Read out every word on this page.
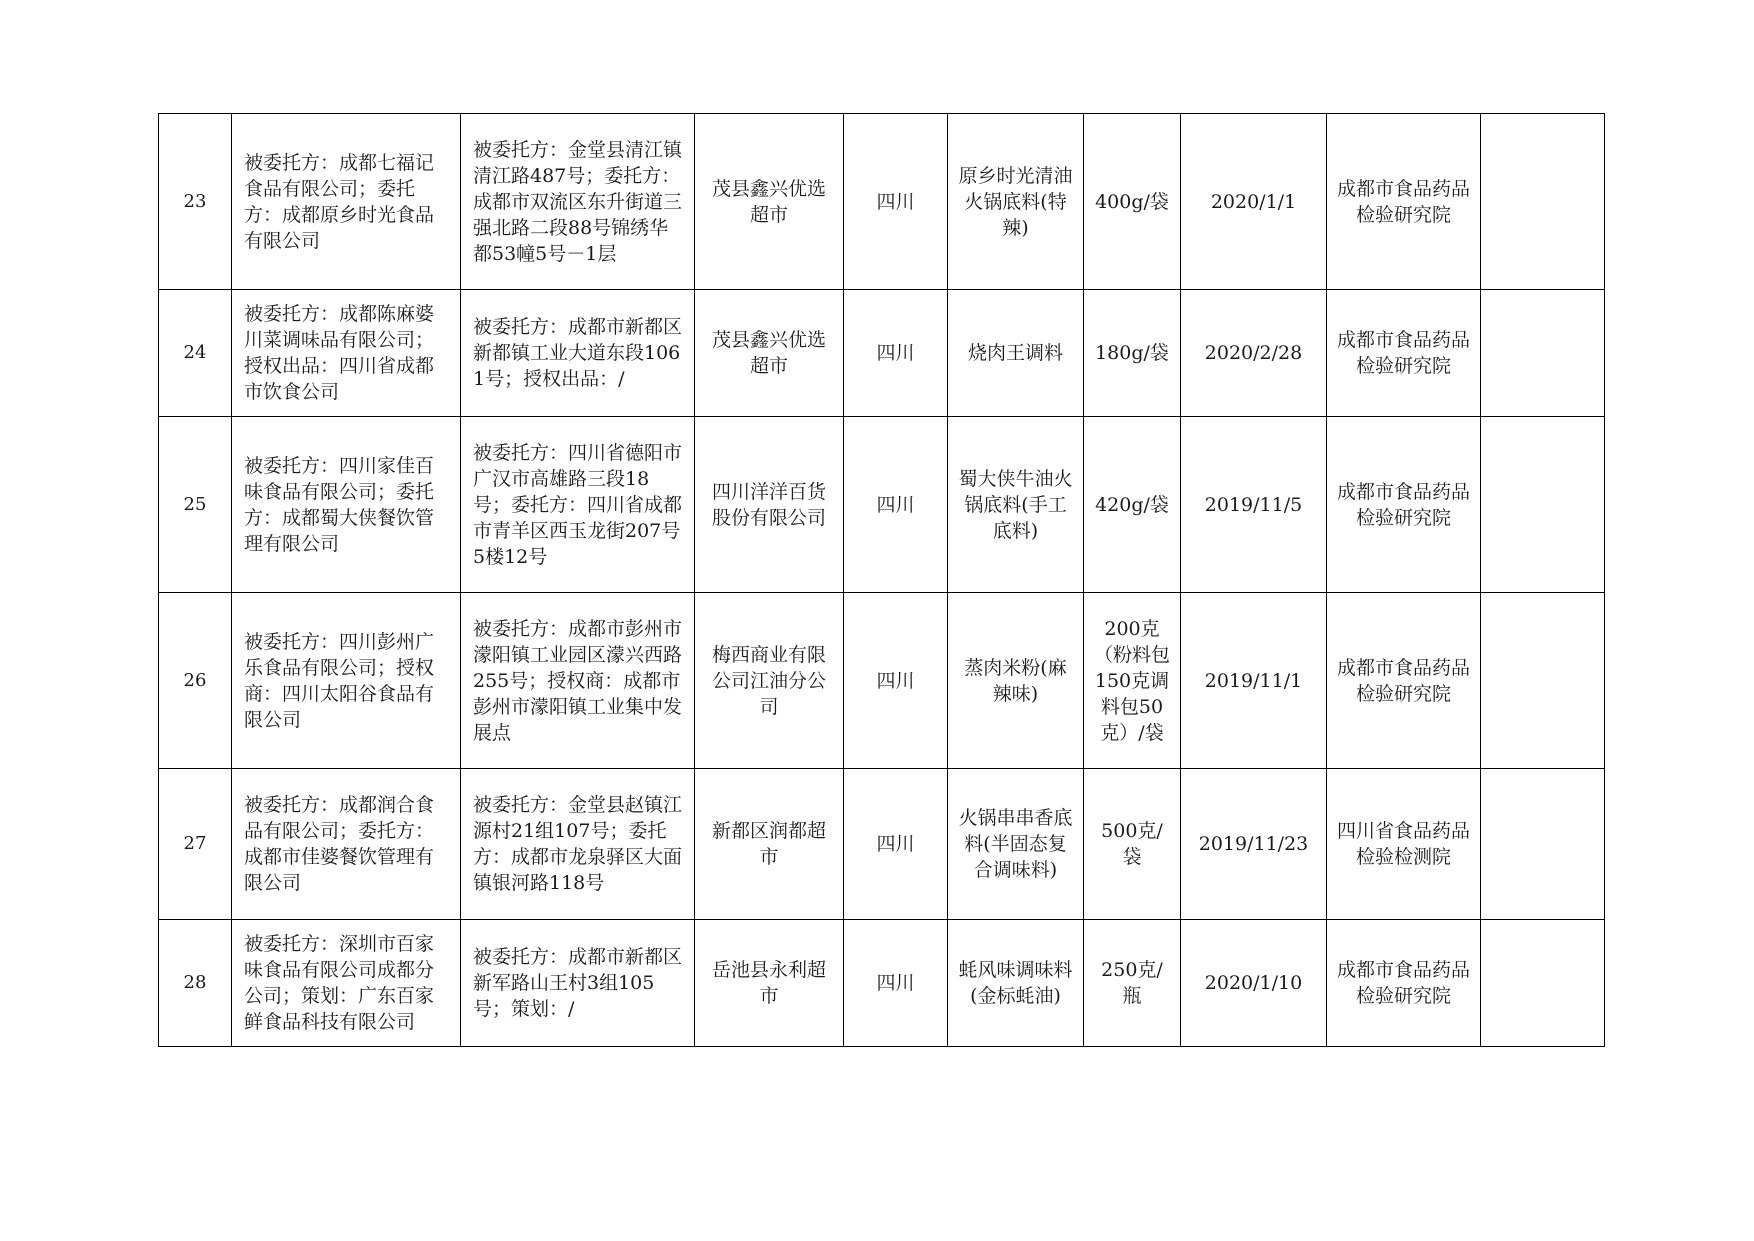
23	被委托方：成都七福记食品有限公司；委托方：成都原乡时光食品有限公司	被委托方：金堂县清江镇清江路487号；委托方：成都市双流区东升街道三强北路二段88号锦绣华都53幢5号－1层	茂县鑫兴优选超市	四川	原乡时光清油火锅底料(特辣)	400g/袋	2020/1/1	成都市食品药品检验研究院	
24	被委托方：成都陈麻婆川菜调味品有限公司；授权出品：四川省成都市饮食公司	被委托方：成都市新都区新都镇工业大道东段1061号；授权出品：/	茂县鑫兴优选超市	四川	烧肉王调料	180g/袋	2020/2/28	成都市食品药品检验研究院	
25	被委托方：四川家佳百味食品有限公司；委托方：成都蜀大侠餐饮管理有限公司	被委托方：四川省德阳市广汉市高雄路三段18号；委托方：四川省成都市青羊区西玉龙街207号5楼12号	四川洋洋百货股份有限公司	四川	蜀大侠牛油火锅底料(手工底料)	420g/袋	2019/11/5	成都市食品药品检验研究院	
26	被委托方：四川彭州广乐食品有限公司；授权商：四川太阳谷食品有限公司	被委托方：成都市彭州市濛阳镇工业园区濛兴西路255号；授权商：成都市彭州市濛阳镇工业集中发展点	梅西商业有限公司江油分公司	四川	蒸肉米粉(麻辣味)	200克（粉料包150克调料包50克）/袋	2019/11/1	成都市食品药品检验研究院	
27	被委托方：成都润合食品有限公司；委托方：成都市佳婆餐饮管理有限公司	被委托方：金堂县赵镇江源村21组107号；委托方：成都市龙泉驿区大面镇银河路118号	新都区润都超市	四川	火锅串串香底料(半固态复合调味料)	500克/袋	2019/11/23	四川省食品药品检验检测院	
28	被委托方：深圳市百家味食品有限公司成都分公司；策划：广东百家鲜食品科技有限公司	被委托方：成都市新都区新军路山王村3组105号；策划：/	岳池县永利超市	四川	蚝风味调味料(金标蚝油)	250克/瓶	2020/1/10	成都市食品药品检验研究院	
